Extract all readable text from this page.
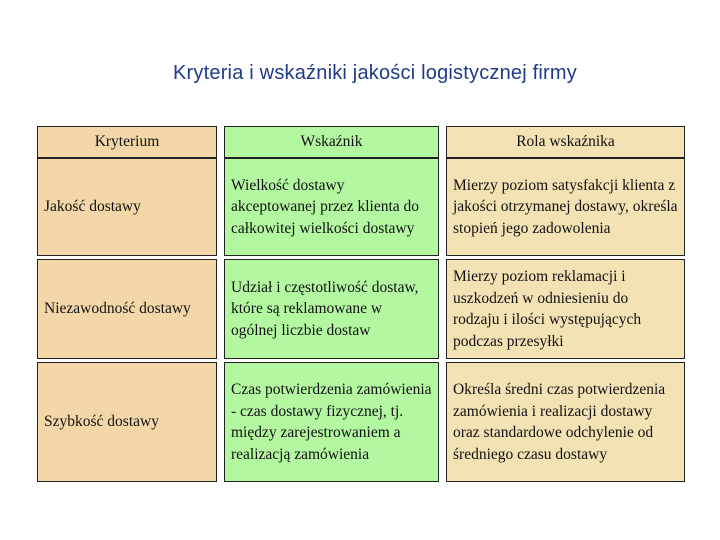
Kryteria i wskaźniki jakości logistycznej firmy
Kryterium	Wskaźnik	Rola wskaźnika
Jakość dostawy
Wielkość dostawy akceptowanej przez klienta do całkowitej wielkości dostawy
Mierzy poziom satysfakcji klienta z jakości otrzymanej dostawy, określa stopień jego zadowolenia
Niezawodność dostawy
Udział i częstotliwość dostaw, które są reklamowane w ogólnej liczbie dostaw
Mierzy poziom reklamacji i uszkodzeń w odniesieniu do rodzaju i ilości występujących podczas przesyłki
Szybkość dostawy
Czas potwierdzenia zamówienia - czas dostawy fizycznej, tj. między zarejestrowaniem a realizacją zamówienia
Określa średni czas potwierdzenia zamówienia i realizacji dostawy oraz standardowe odchylenie od średniego czasu dostawy
